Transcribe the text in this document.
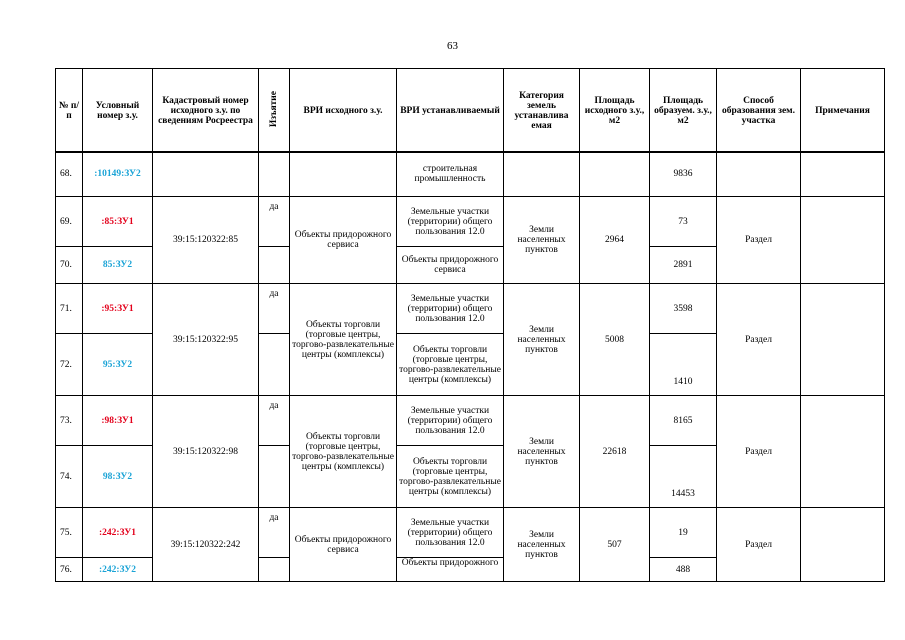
63
№ п/п	Условный номер з.у.	Кадастровый номер исходного з.у. по сведениям Росреестра	Изъятие	ВРИ исходного з.у.	ВРИ устанавливаемый	Категория земель устанавлива емая	Площадь исходного з.у., м2	Площадь образуем. з.у., м2	Способ образования зем. участка	Примечания

68.	:10149:ЗУ2				строительная промышленность			9836		
69.	:85:ЗУ1	39:15:120322:85	да	Объекты придорожного сервиса	Земельные участки (территории) общего пользования 12.0	Земли населенных пунктов	2964	73	Раздел	
70.	85:ЗУ2				Объекты придорожного сервиса			2891		
71.	:95:ЗУ1	39:15:120322:95	да	Объекты торговли (торговые центры, торгово-развлекательные центры (комплексы)	Земельные участки (территории) общего пользования 12.0	Земли населенных пунктов	5008	3598	Раздел	
72.	95:ЗУ2				Объекты торговли (торговые центры, торгово-развлекательные центры (комплексы)			1410		
73.	:98:ЗУ1	39:15:120322:98	да	Объекты торговли (торговые центры, торгово-развлекательные центры (комплексы)	Земельные участки (территории) общего пользования 12.0	Земли населенных пунктов	22618	8165	Раздел	
74.	98:ЗУ2				Объекты торговли (торговые центры, торгово-развлекательные центры (комплексы)			14453		
75.	:242:ЗУ1	39:15:120322:242	да	Объекты придорожного сервиса	Земельные участки (территории) общего пользования 12.0	Земли населенных пунктов	507	19	Раздел	
76.	:242:ЗУ2				Объекты придорожного			488		
